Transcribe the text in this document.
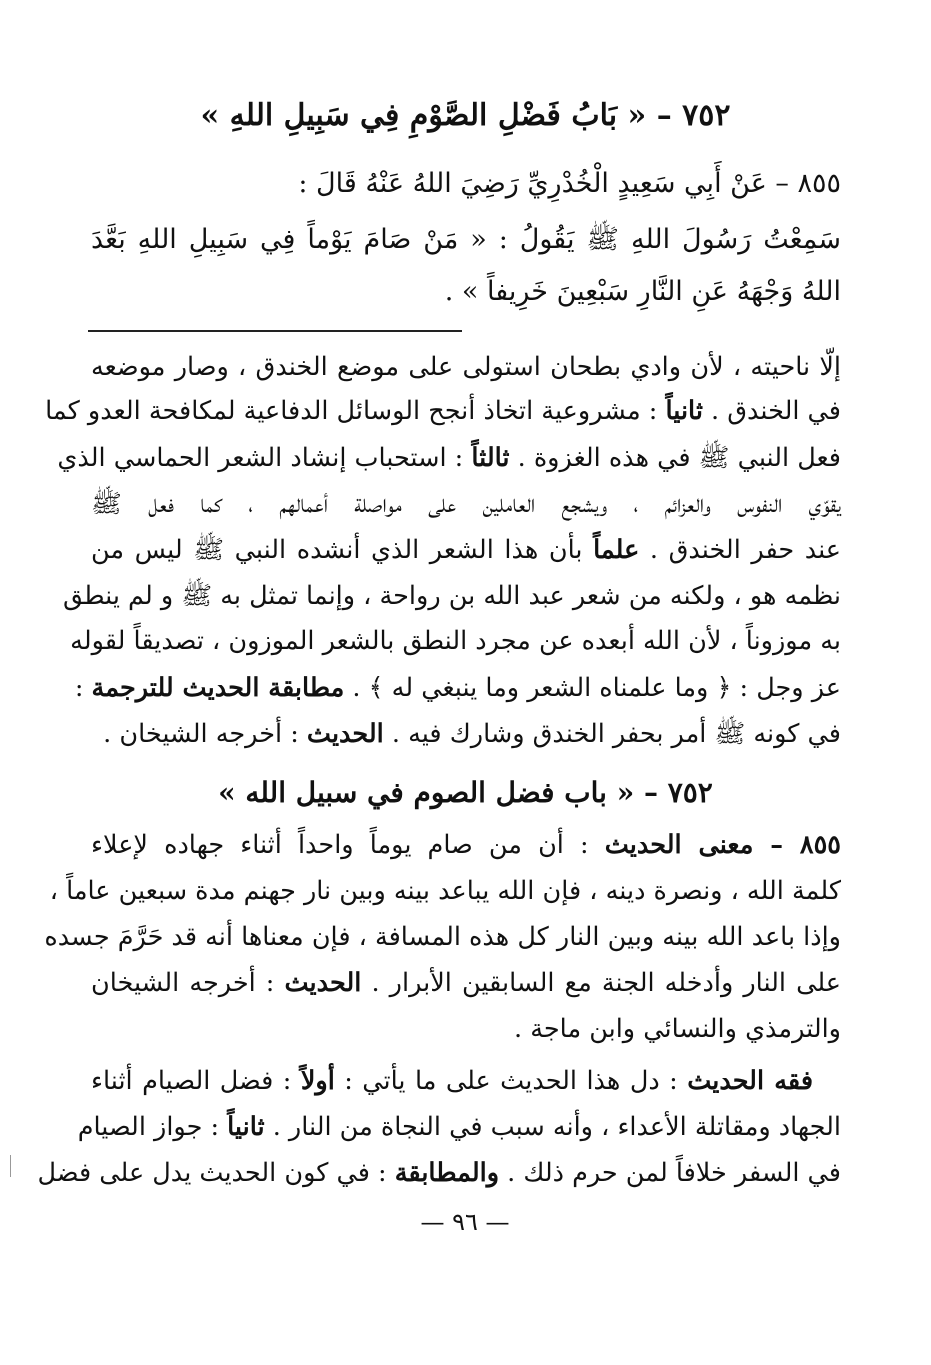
٧٥٢ – « بَابُ فَضْلِ الصَّوْمِ فِي سَبِيلِ اللهِ »
٨٥٥ – عَنْ أَبِي سَعِيدٍ الْخُدْرِيِّ رَضِيَ اللهُ عَنْهُ قَالَ :
سَمِعْتُ رَسُولَ اللهِ ﷺ يَقُولُ : « مَنْ صَامَ يَوْماً فِي سَبِيلِ اللهِ بَعَّدَ
اللهُ وَجْهَهُ عَنِ النَّارِ سَبْعِينَ خَرِيفاً » .
إلّا ناحيته ، لأن وادي بطحان استولى على موضع الخندق ، وصار موضعه
في الخندق . ثانياً : مشروعية اتخاذ أنجح الوسائل الدفاعية لمكافحة العدو كما
فعل النبي ﷺ في هذه الغزوة . ثالثاً : استحباب إنشاد الشعر الحماسي الذي
يقوّي النفوس والعزائم ، ويشجع العاملين على مواصلة أعمالهم ، كما فعل ﷺ
عند حفر الخندق . علماً بأن هذا الشعر الذي أنشده النبي ﷺ ليس من
نظمه هو ، ولكنه من شعر عبد الله بن رواحة ، وإنما تمثل به ﷺ و لم ينطق
به موزوناً ، لأن الله أبعده عن مجرد النطق بالشعر الموزون ، تصديقاً لقوله
عز وجل : ﴿ وما علمناه الشعر وما ينبغي له ﴾ . مطابقة الحديث للترجمة :
في كونه ﷺ أمر بحفر الخندق وشارك فيه . الحديث : أخرجه الشيخان .
٧٥٢ – « باب فضل الصوم في سبيل الله »
٨٥٥ – معنى الحديث : أن من صام يوماً واحداً أثناء جهاده لإعلاء
كلمة الله ، ونصرة دينه ، فإن الله يباعد بينه وبين نار جهنم مدة سبعين عاماً ،
وإذا باعد الله بينه وبين النار كل هذه المسافة ، فإن معناها أنه قد حَرَّمَ جسده
على النار وأدخله الجنة مع السابقين الأبرار . الحديث : أخرجه الشيخان
والترمذي والنسائي وابن ماجة .
فقه الحديث : دل هذا الحديث على ما يأتي : أولاً : فضل الصيام أثناء
الجهاد ومقاتلة الأعداء ، وأنه سبب في النجاة من النار . ثانياً : جواز الصيام
في السفر خلافاً لمن حرم ذلك . والمطابقة : في كون الحديث يدل على فضل
— ٩٦ —
